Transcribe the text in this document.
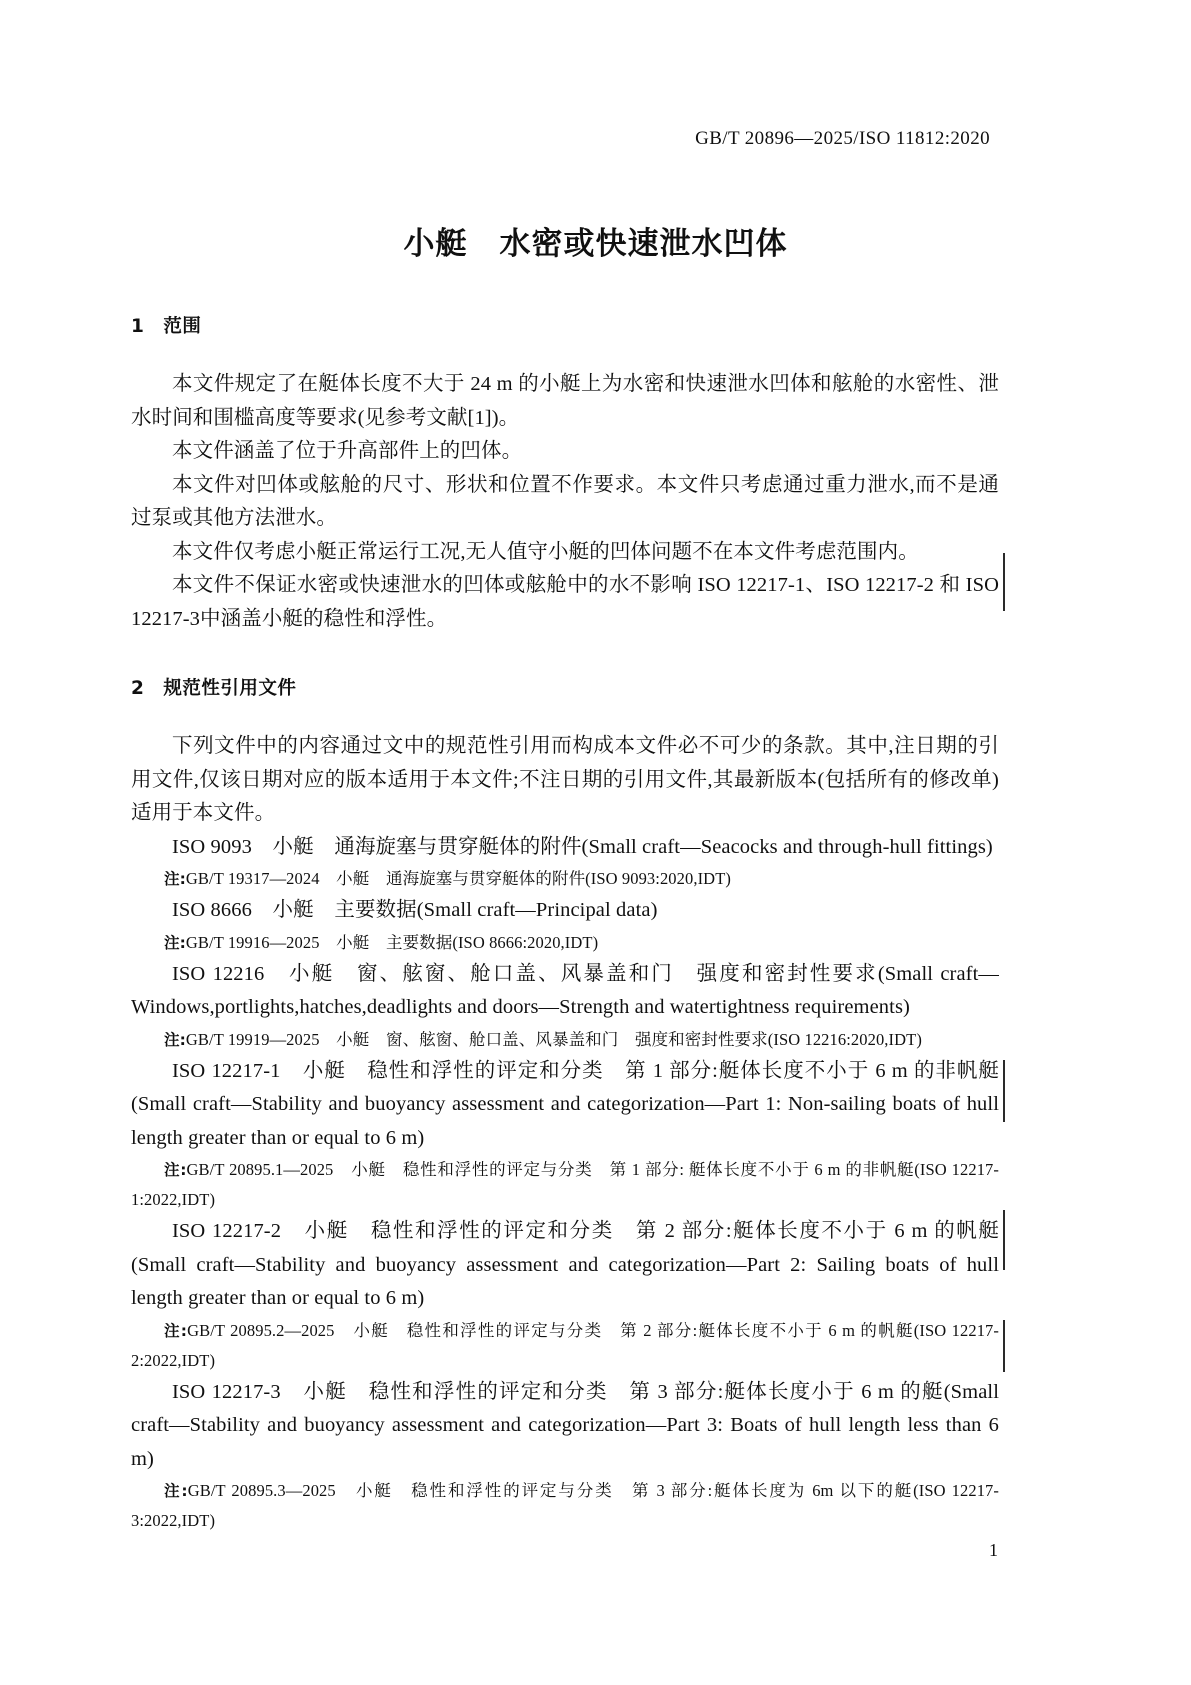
GB/T 20896—2025/ISO 11812:2020
小艇　水密或快速泄水凹体
1　范围

本文件规定了在艇体长度不大于 24 m 的小艇上为水密和快速泄水凹体和舷舱的水密性、泄水时间和围槛高度等要求(见参考文献[1])。

本文件涵盖了位于升高部件上的凹体。

本文件对凹体或舷舱的尺寸、形状和位置不作要求。本文件只考虑通过重力泄水,而不是通过泵或其他方法泄水。

本文件仅考虑小艇正常运行工况,无人值守小艇的凹体问题不在本文件考虑范围内。

本文件不保证水密或快速泄水的凹体或舷舱中的水不影响 ISO 12217-1、ISO 12217-2 和 ISO 12217-3中涵盖小艇的稳性和浮性。

2　规范性引用文件

下列文件中的内容通过文中的规范性引用而构成本文件必不可少的条款。其中,注日期的引用文件,仅该日期对应的版本适用于本文件;不注日期的引用文件,其最新版本(包括所有的修改单)适用于本文件。

ISO 9093　小艇　通海旋塞与贯穿艇体的附件(Small craft—Seacocks and through-hull fittings)

注:GB/T 19317—2024　小艇　通海旋塞与贯穿艇体的附件(ISO 9093:2020,IDT)

ISO 8666　小艇　主要数据(Small craft—Principal data)

注:GB/T 19916—2025　小艇　主要数据(ISO 8666:2020,IDT)

ISO 12216　小艇　窗、舷窗、舱口盖、风暴盖和门　强度和密封性要求(Small craft—Windows,portlights,hatches,deadlights and doors—Strength and watertightness requirements)

注:GB/T 19919—2025　小艇　窗、舷窗、舱口盖、风暴盖和门　强度和密封性要求(ISO 12216:2020,IDT)

ISO 12217-1　小艇　稳性和浮性的评定和分类　第 1 部分:艇体长度不小于 6 m 的非帆艇(Small craft—Stability and buoyancy assessment and categorization—Part 1: Non-sailing boats of hull length greater than or equal to 6 m)

注:GB/T 20895.1—2025　小艇　稳性和浮性的评定与分类　第 1 部分: 艇体长度不小于 6 m 的非帆艇(ISO 12217-1:2022,IDT)

ISO 12217-2　小艇　稳性和浮性的评定和分类　第 2 部分:艇体长度不小于 6 m 的帆艇(Small craft—Stability and buoyancy assessment and categorization—Part 2: Sailing boats of hull length greater than or equal to 6 m)

注:GB/T 20895.2—2025　小艇　稳性和浮性的评定与分类　第 2 部分:艇体长度不小于 6 m 的帆艇(ISO 12217-2:2022,IDT)

ISO 12217-3　小艇　稳性和浮性的评定和分类　第 3 部分:艇体长度小于 6 m 的艇(Small craft—Stability and buoyancy assessment and categorization—Part 3: Boats of hull length less than 6 m)

注:GB/T 20895.3—2025　小艇　稳性和浮性的评定与分类　第 3 部分:艇体长度为 6m 以下的艇(ISO 12217-3:2022,IDT)

1
